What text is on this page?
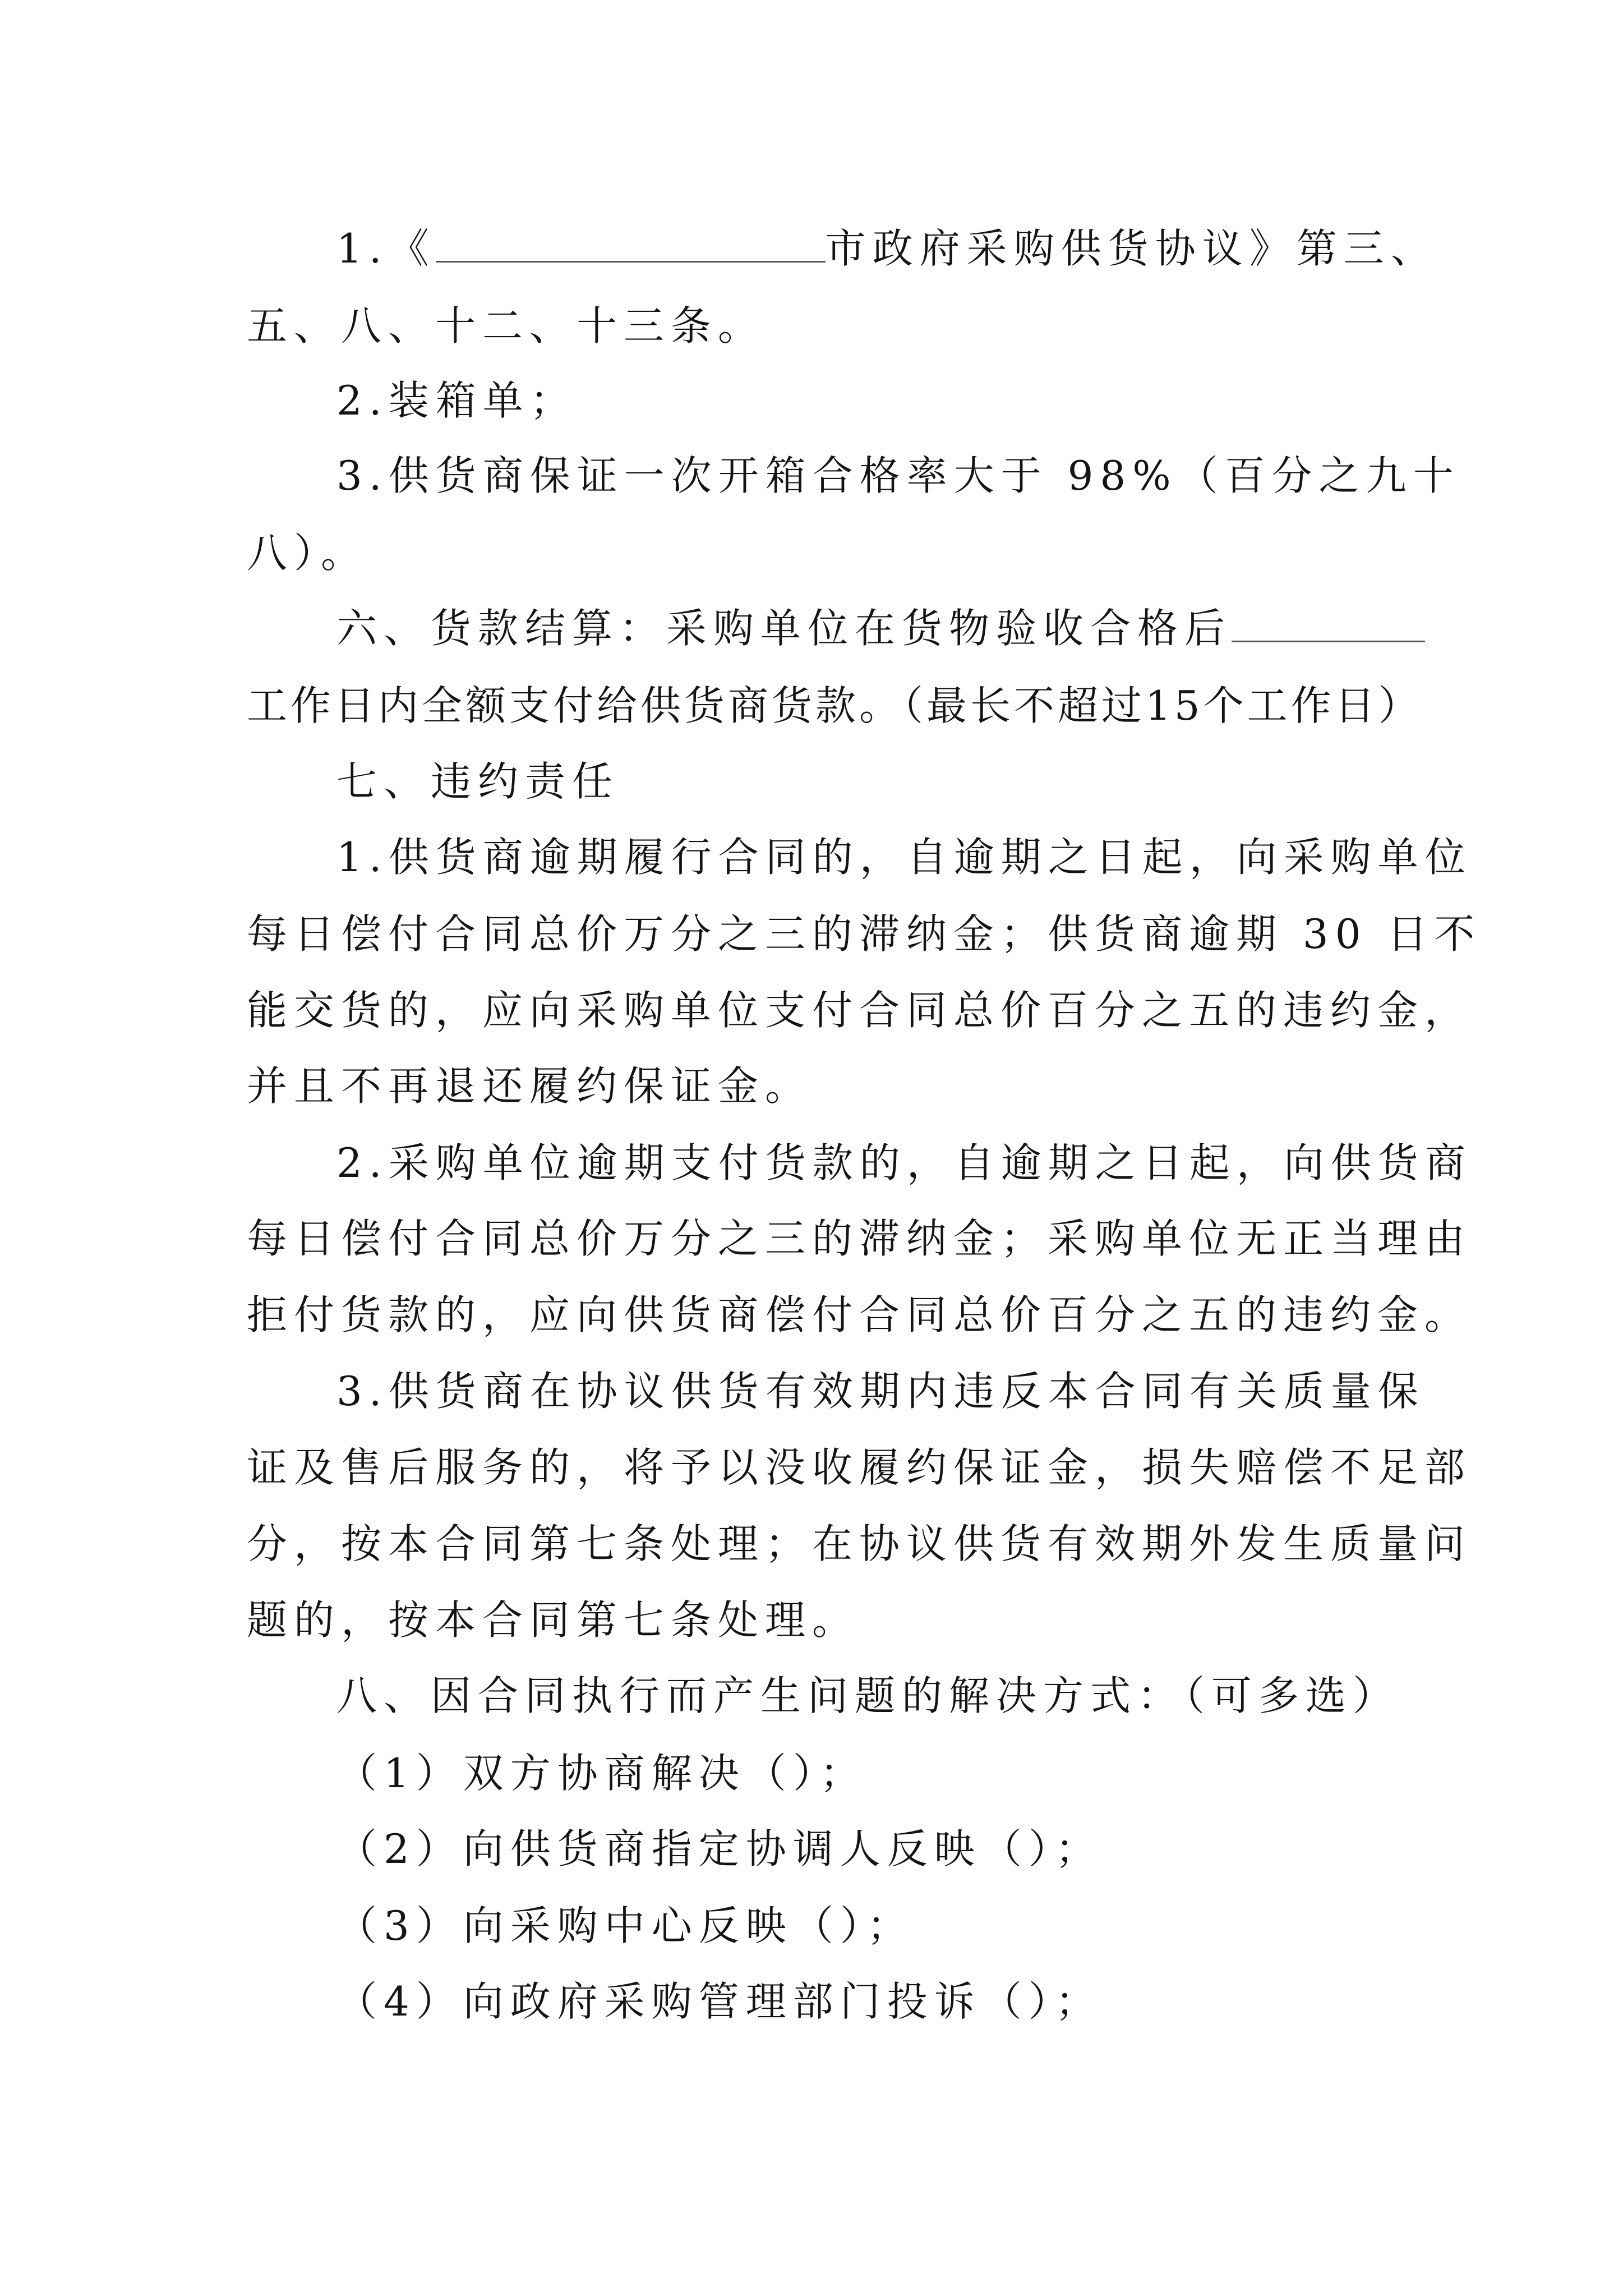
1.《	市政府采购供货协议》第三、
五、八、十二、十三条。
2.装箱单；
3.供货商保证一次开箱合格率大于 98%（百分之九十
八）。
六、货款结算：采购单位在货物验收合格后
工作日内全额支付给供货商货款。（最长不超过15个工作日）
七、违约责任
1.供货商逾期履行合同的，自逾期之日起，向采购单位
每日偿付合同总价万分之三的滞纳金；供货商逾期 30 日不
能交货的，应向采购单位支付合同总价百分之五的违约金，
并且不再退还履约保证金。
2.采购单位逾期支付货款的，自逾期之日起，向供货商
每日偿付合同总价万分之三的滞纳金；采购单位无正当理由
拒付货款的，应向供货商偿付合同总价百分之五的违约金。
3.供货商在协议供货有效期内违反本合同有关质量保
证及售后服务的，将予以没收履约保证金，损失赔偿不足部
分，按本合同第七条处理；在协议供货有效期外发生质量问
题的，按本合同第七条处理。
八、因合同执行而产生问题的解决方式：（可多选）
（1）双方协商解决（）；
（2）向供货商指定协调人反映（）；
（3）向采购中心反映（）；
（4）向政府采购管理部门投诉（）；
